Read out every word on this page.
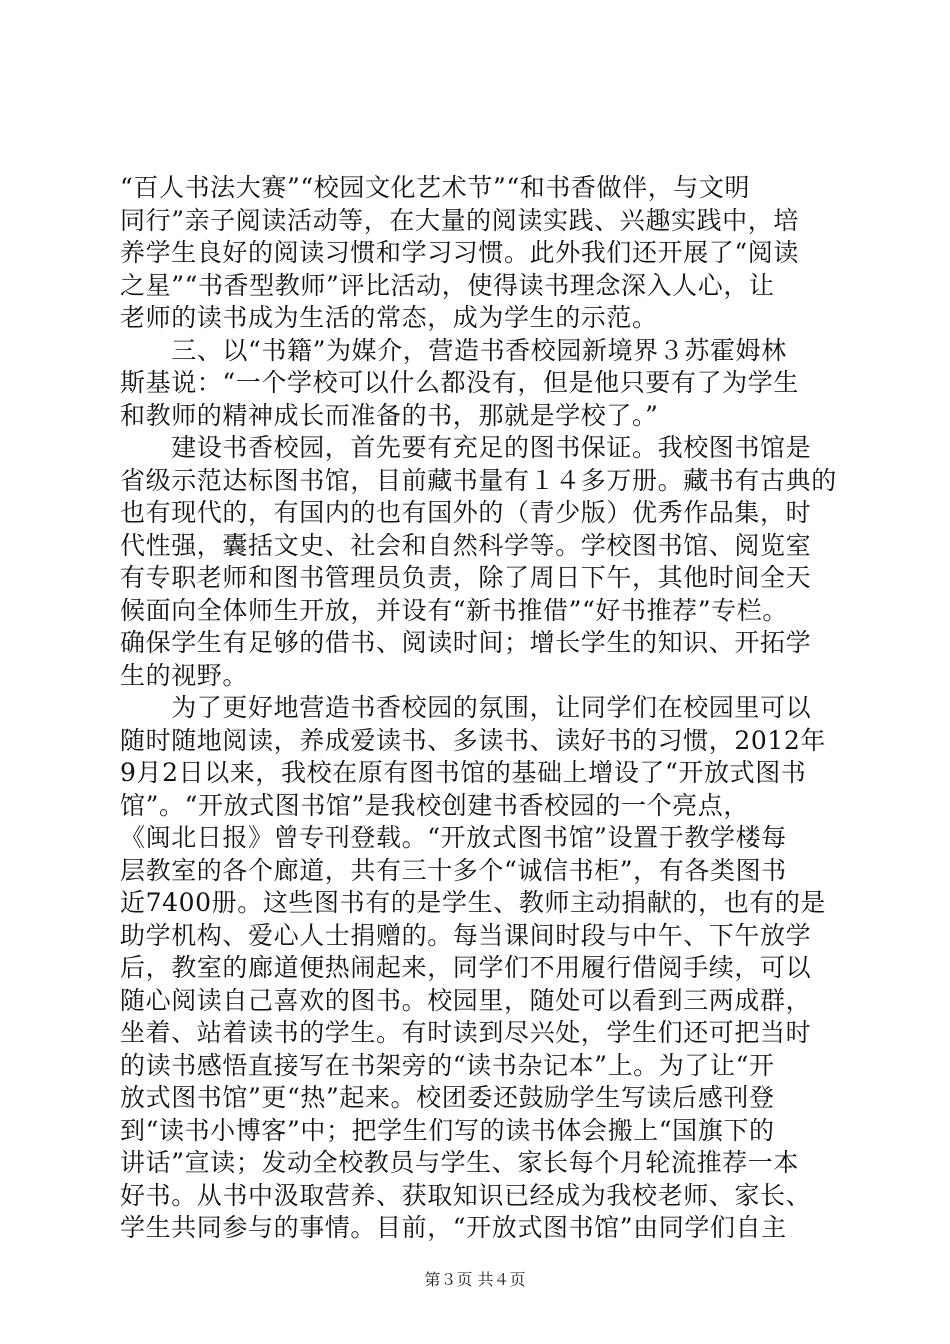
“百人书法大赛”“校园文化艺术节”“和书香做伴，与文明
同行”亲子阅读活动等，在大量的阅读实践、兴趣实践中，培
养学生良好的阅读习惯和学习习惯。此外我们还开展了“阅读
之星”“书香型教师”评比活动，使得读书理念深入人心，让
老师的读书成为生活的常态，成为学生的示范。
　　三、以“书籍”为媒介，营造书香校园新境界３苏霍姆林
斯基说：“一个学校可以什么都没有，但是他只要有了为学生
和教师的精神成长而准备的书，那就是学校了。”
　　建设书香校园，首先要有充足的图书保证。我校图书馆是
省级示范达标图书馆，目前藏书量有１４多万册。藏书有古典的
也有现代的，有国内的也有国外的（青少版）优秀作品集，时
代性强，囊括文史、社会和自然科学等。学校图书馆、阅览室
有专职老师和图书管理员负责，除了周日下午，其他时间全天
候面向全体师生开放，并设有“新书推借”“好书推荐”专栏。
确保学生有足够的借书、阅读时间；增长学生的知识、开拓学
生的视野。
　　为了更好地营造书香校园的氛围，让同学们在校园里可以
随时随地阅读，养成爱读书、多读书、读好书的习惯，2012年
9月2日以来，我校在原有图书馆的基础上增设了“开放式图书
馆”。“开放式图书馆”是我校创建书香校园的一个亮点，
《闽北日报》曾专刊登载。“开放式图书馆”设置于教学楼每
层教室的各个廊道，共有三十多个“诚信书柜”，有各类图书
近7400册。这些图书有的是学生、教师主动捐献的，也有的是
助学机构、爱心人士捐赠的。每当课间时段与中午、下午放学
后，教室的廊道便热闹起来，同学们不用履行借阅手续，可以
随心阅读自己喜欢的图书。校园里，随处可以看到三两成群，
坐着、站着读书的学生。有时读到尽兴处，学生们还可把当时
的读书感悟直接写在书架旁的“读书杂记本”上。为了让“开
放式图书馆”更“热”起来。校团委还鼓励学生写读后感刊登
到“读书小博客”中；把学生们写的读书体会搬上“国旗下的
讲话”宣读；发动全校教员与学生、家长每个月轮流推荐一本
好书。从书中汲取营养、获取知识已经成为我校老师、家长、
学生共同参与的事情。目前，“开放式图书馆”由同学们自主
第３页 共４页
